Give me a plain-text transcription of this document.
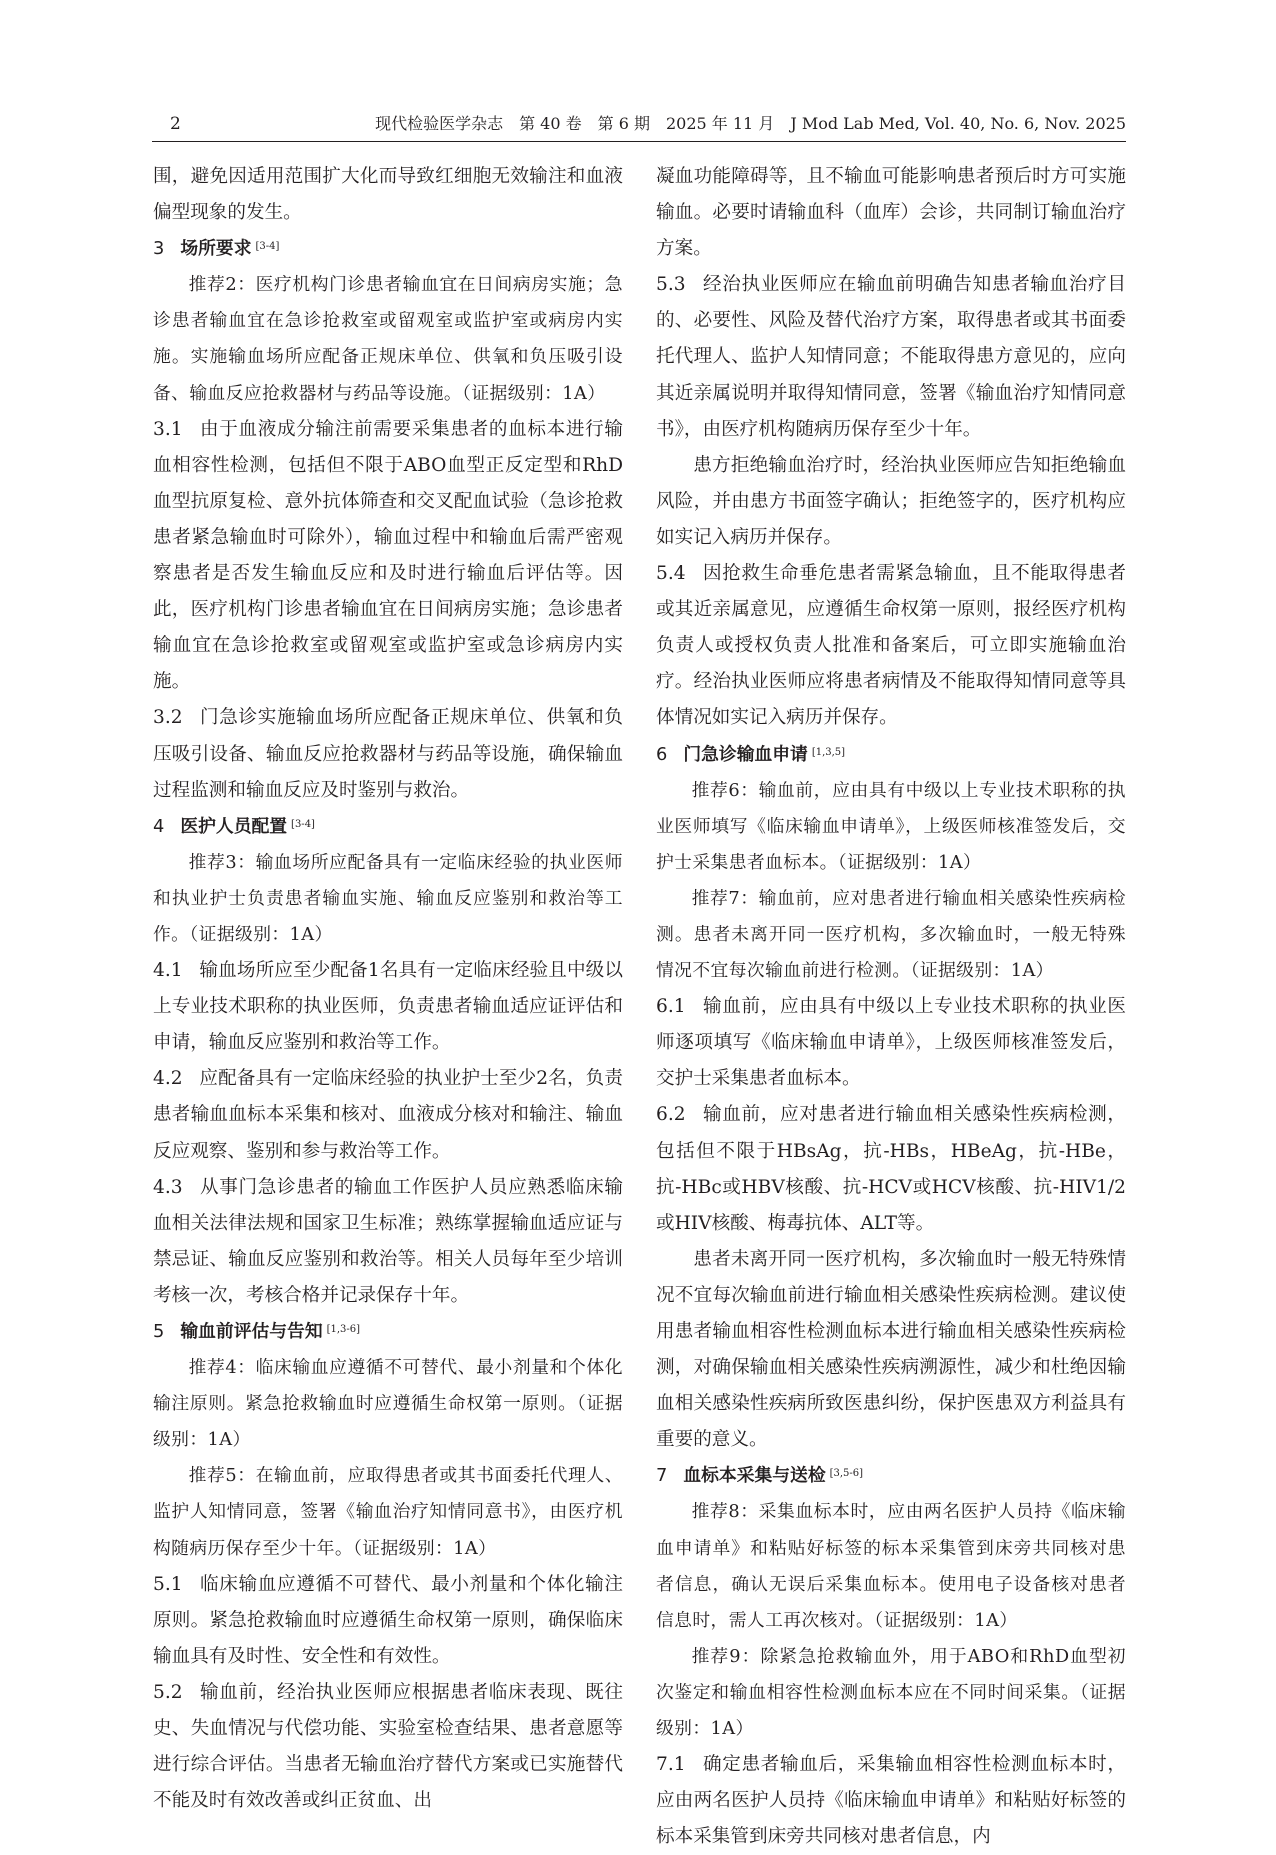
2	现代检验医学杂志　第 40 卷　第 6 期　2025 年 11 月　J Mod Lab Med, Vol. 40, No. 6, Nov. 2025

围，避免因适用范围扩大化而导致红细胞无效输注和血液偏型现象的发生。

3 场所要求 [3-4]

推荐2：医疗机构门诊患者输血宜在日间病房实施；急诊患者输血宜在急诊抢救室或留观室或监护室或病房内实施。实施输血场所应配备正规床单位、供氧和负压吸引设备、输血反应抢救器材与药品等设施。（证据级别：1A）

3.1 由于血液成分输注前需要采集患者的血标本进行输血相容性检测，包括但不限于ABO血型正反定型和RhD血型抗原复检、意外抗体筛查和交叉配血试验（急诊抢救患者紧急输血时可除外），输血过程中和输血后需严密观察患者是否发生输血反应和及时进行输血后评估等。因此，医疗机构门诊患者输血宜在日间病房实施；急诊患者输血宜在急诊抢救室或留观室或监护室或急诊病房内实施。

3.2 门急诊实施输血场所应配备正规床单位、供氧和负压吸引设备、输血反应抢救器材与药品等设施，确保输血过程监测和输血反应及时鉴别与救治。

4 医护人员配置 [3-4]

推荐3：输血场所应配备具有一定临床经验的执业医师和执业护士负责患者输血实施、输血反应鉴别和救治等工作。（证据级别：1A）

4.1 输血场所应至少配备1名具有一定临床经验且中级以上专业技术职称的执业医师，负责患者输血适应证评估和申请，输血反应鉴别和救治等工作。

4.2 应配备具有一定临床经验的执业护士至少2名，负责患者输血血标本采集和核对、血液成分核对和输注、输血反应观察、鉴别和参与救治等工作。

4.3 从事门急诊患者的输血工作医护人员应熟悉临床输血相关法律法规和国家卫生标准；熟练掌握输血适应证与禁忌证、输血反应鉴别和救治等。相关人员每年至少培训考核一次，考核合格并记录保存十年。

5 输血前评估与告知 [1,3-6]

推荐4：临床输血应遵循不可替代、最小剂量和个体化输注原则。紧急抢救输血时应遵循生命权第一原则。（证据级别：1A）

推荐5：在输血前，应取得患者或其书面委托代理人、监护人知情同意，签署《输血治疗知情同意书》，由医疗机构随病历保存至少十年。（证据级别：1A）

5.1 临床输血应遵循不可替代、最小剂量和个体化输注原则。紧急抢救输血时应遵循生命权第一原则，确保临床输血具有及时性、安全性和有效性。

5.2 输血前，经治执业医师应根据患者临床表现、既往史、失血情况与代偿功能、实验室检查结果、患者意愿等进行综合评估。当患者无输血治疗替代方案或已实施替代不能及时有效改善或纠正贫血、出

凝血功能障碍等，且不输血可能影响患者预后时方可实施输血。必要时请输血科（血库）会诊，共同制订输血治疗方案。

5.3 经治执业医师应在输血前明确告知患者输血治疗目的、必要性、风险及替代治疗方案，取得患者或其书面委托代理人、监护人知情同意；不能取得患方意见的，应向其近亲属说明并取得知情同意，签署《输血治疗知情同意书》，由医疗机构随病历保存至少十年。

患方拒绝输血治疗时，经治执业医师应告知拒绝输血风险，并由患方书面签字确认；拒绝签字的，医疗机构应如实记入病历并保存。

5.4 因抢救生命垂危患者需紧急输血，且不能取得患者或其近亲属意见，应遵循生命权第一原则，报经医疗机构负责人或授权负责人批准和备案后，可立即实施输血治疗。经治执业医师应将患者病情及不能取得知情同意等具体情况如实记入病历并保存。

6 门急诊输血申请 [1,3,5]

推荐6：输血前，应由具有中级以上专业技术职称的执业医师填写《临床输血申请单》，上级医师核准签发后，交护士采集患者血标本。（证据级别：1A）

推荐7：输血前，应对患者进行输血相关感染性疾病检测。患者未离开同一医疗机构，多次输血时，一般无特殊情况不宜每次输血前进行检测。（证据级别：1A）

6.1 输血前，应由具有中级以上专业技术职称的执业医师逐项填写《临床输血申请单》，上级医师核准签发后，交护士采集患者血标本。

6.2 输血前，应对患者进行输血相关感染性疾病检测，包括但不限于HBsAg，抗-HBs，HBeAg，抗-HBe，抗-HBc或HBV核酸、抗-HCV或HCV核酸、抗-HIV1/2或HIV核酸、梅毒抗体、ALT等。

患者未离开同一医疗机构，多次输血时一般无特殊情况不宜每次输血前进行输血相关感染性疾病检测。建议使用患者输血相容性检测血标本进行输血相关感染性疾病检测，对确保输血相关感染性疾病溯源性，减少和杜绝因输血相关感染性疾病所致医患纠纷，保护医患双方利益具有重要的意义。

7 血标本采集与送检 [3,5-6]

推荐8：采集血标本时，应由两名医护人员持《临床输血申请单》和粘贴好标签的标本采集管到床旁共同核对患者信息，确认无误后采集血标本。使用电子设备核对患者信息时，需人工再次核对。（证据级别：1A）

推荐9：除紧急抢救输血外，用于ABO和RhD血型初次鉴定和输血相容性检测血标本应在不同时间采集。（证据级别：1A）

7.1 确定患者输血后，采集输血相容性检测血标本时，应由两名医护人员持《临床输血申请单》和粘贴好标签的标本采集管到床旁共同核对患者信息，内
